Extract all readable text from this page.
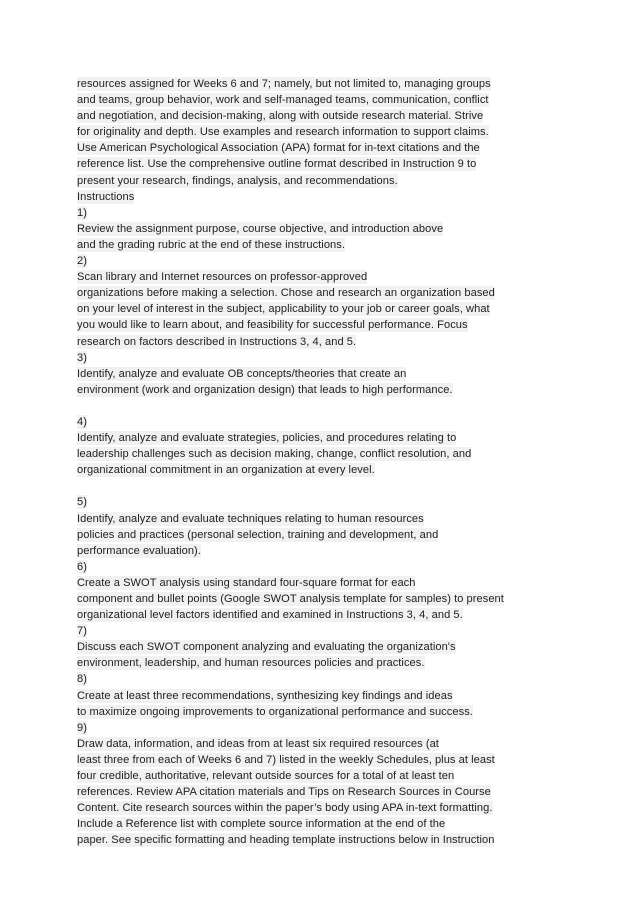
resources assigned for Weeks 6 and 7; namely, but not limited to, managing groups
and teams, group behavior, work and self-managed teams, communication, conflict
and negotiation, and decision-making, along with outside research material. Strive
for originality and depth. Use examples and research information to support claims.
Use American Psychological Association (APA) format for in-text citations and the
reference list. Use the comprehensive outline format described in Instruction 9 to
present your research, findings, analysis, and recommendations.
Instructions
1)
Review the assignment purpose, course objective, and introduction above
and the grading rubric at the end of these instructions.
2)
Scan library and Internet resources on professor-approved
organizations before making a selection. Chose and research an organization based
on your level of interest in the subject, applicability to your job or career goals, what
you would like to learn about, and feasibility for successful performance. Focus
research on factors described in Instructions 3, 4, and 5.
3)
Identify, analyze and evaluate OB concepts/theories that create an
environment (work and organization design) that leads to high performance.
4)
Identify, analyze and evaluate strategies, policies, and procedures relating to
leadership challenges such as decision making, change, conflict resolution, and
organizational commitment in an organization at every level.
5)
Identify, analyze and evaluate techniques relating to human resources
policies and practices (personal selection, training and development, and
performance evaluation).
6)
Create a SWOT analysis using standard four-square format for each
component and bullet points (Google SWOT analysis template for samples) to present
organizational level factors identified and examined in Instructions 3, 4, and 5.
7)
Discuss each SWOT component analyzing and evaluating the organization's
environment, leadership, and human resources policies and practices.
8)
Create at least three recommendations, synthesizing key findings and ideas
to maximize ongoing improvements to organizational performance and success.
9)
Draw data, information, and ideas from at least six required resources (at
least three from each of Weeks 6 and 7) listed in the weekly Schedules, plus at least
four credible, authoritative, relevant outside sources for a total of at least ten
references. Review APA citation materials and Tips on Research Sources in Course
Content. Cite research sources within the paper’s body using APA in-text formatting.
Include a Reference list with complete source information at the end of the
paper. See specific formatting and heading template instructions below in Instruction
